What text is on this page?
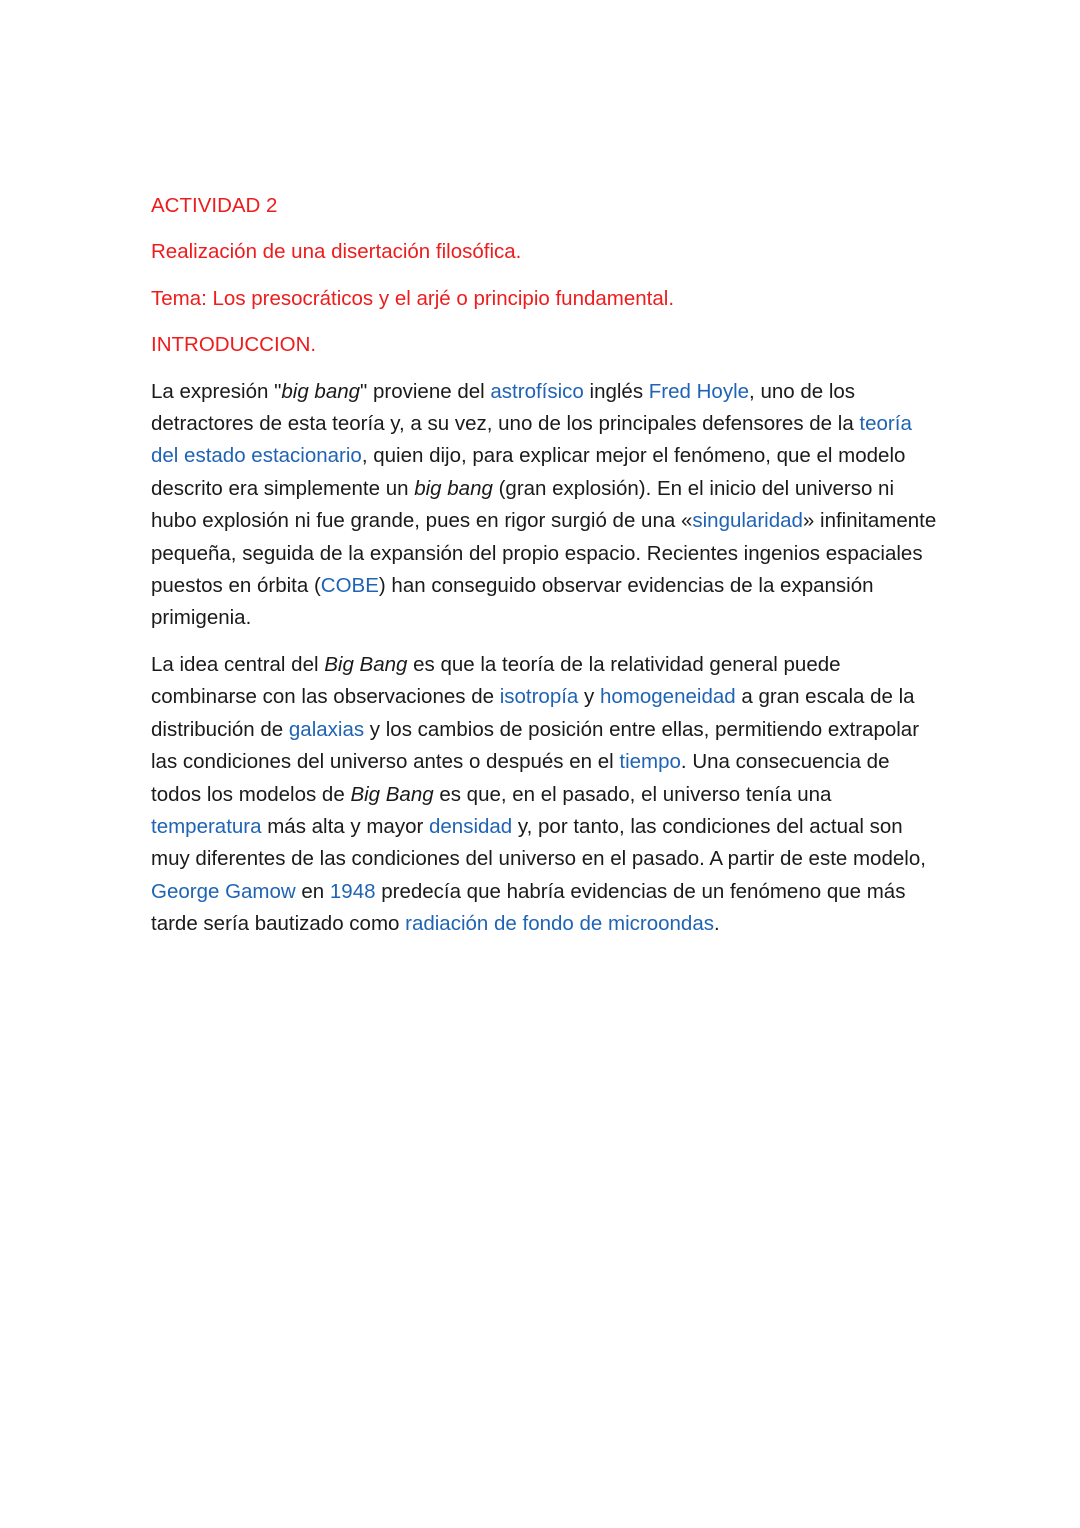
ACTIVIDAD 2

Realización de una disertación filosófica.

Tema: Los presocráticos y el arjé o principio fundamental.

INTRODUCCION.

La expresión "big bang" proviene del astrofísico inglés Fred Hoyle, uno de los detractores de esta teoría y, a su vez, uno de los principales defensores de la teoría del estado estacionario, quien dijo, para explicar mejor el fenómeno, que el modelo descrito era simplemente un big bang (gran explosión). En el inicio del universo ni hubo explosión ni fue grande, pues en rigor surgió de una «singularidad» infinitamente pequeña, seguida de la expansión del propio espacio. Recientes ingenios espaciales puestos en órbita (COBE) han conseguido observar evidencias de la expansión primigenia.

La idea central del Big Bang es que la teoría de la relatividad general puede combinarse con las observaciones de isotropía y homogeneidad a gran escala de la distribución de galaxias y los cambios de posición entre ellas, permitiendo extrapolar las condiciones del universo antes o después en el tiempo. Una consecuencia de todos los modelos de Big Bang es que, en el pasado, el universo tenía una temperatura más alta y mayor densidad y, por tanto, las condiciones del actual son muy diferentes de las condiciones del universo en el pasado. A partir de este modelo, George Gamow en 1948 predecía que habría evidencias de un fenómeno que más tarde sería bautizado como radiación de fondo de microondas.
